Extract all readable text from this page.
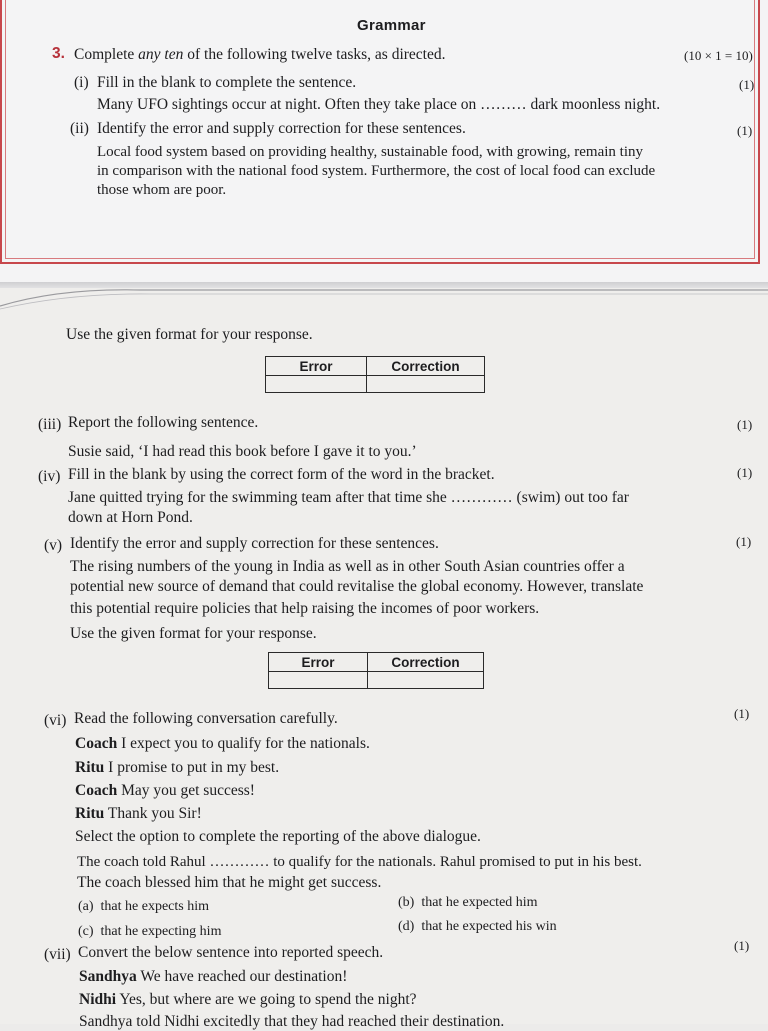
Grammar
3. Complete any ten of the following twelve tasks, as directed.	(10 × 1 = 10)
(i) Fill in the blank to complete the sentence.	(1)
Many UFO sightings occur at night. Often they take place on ……… dark moonless night.
(ii) Identify the error and supply correction for these sentences.	(1)
Local food system based on providing healthy, sustainable food, with growing, remain tiny
in comparison with the national food system. Furthermore, the cost of local food can exclude
those whom are poor.
Use the given format for your response.
Error	Correction

(iii) Report the following sentence.	(1)
Susie said, ‘I had read this book before I gave it to you.’
(iv) Fill in the blank by using the correct form of the word in the bracket.	(1)
Jane quitted trying for the swimming team after that time she ………… (swim) out too far
down at Horn Pond.
(v) Identify the error and supply correction for these sentences.	(1)
The rising numbers of the young in India as well as in other South Asian countries offer a
potential new source of demand that could revitalise the global economy. However, translate
this potential require policies that help raising the incomes of poor workers.
Use the given format for your response.
Error	Correction

(vi) Read the following conversation carefully.	(1)
Coach I expect you to qualify for the nationals.
Ritu I promise to put in my best.
Coach May you get success!
Ritu Thank you Sir!
Select the option to complete the reporting of the above dialogue.
The coach told Rahul ………… to qualify for the nationals. Rahul promised to put in his best.
The coach blessed him that he might get success.
(a) that he expects him	(b) that he expected him
(c) that he expecting him	(d) that he expected his win
(vii) Convert the below sentence into reported speech.	(1)
Sandhya We have reached our destination!
Nidhi Yes, but where are we going to spend the night?
Sandhya told Nidhi excitedly that they had reached their destination.
